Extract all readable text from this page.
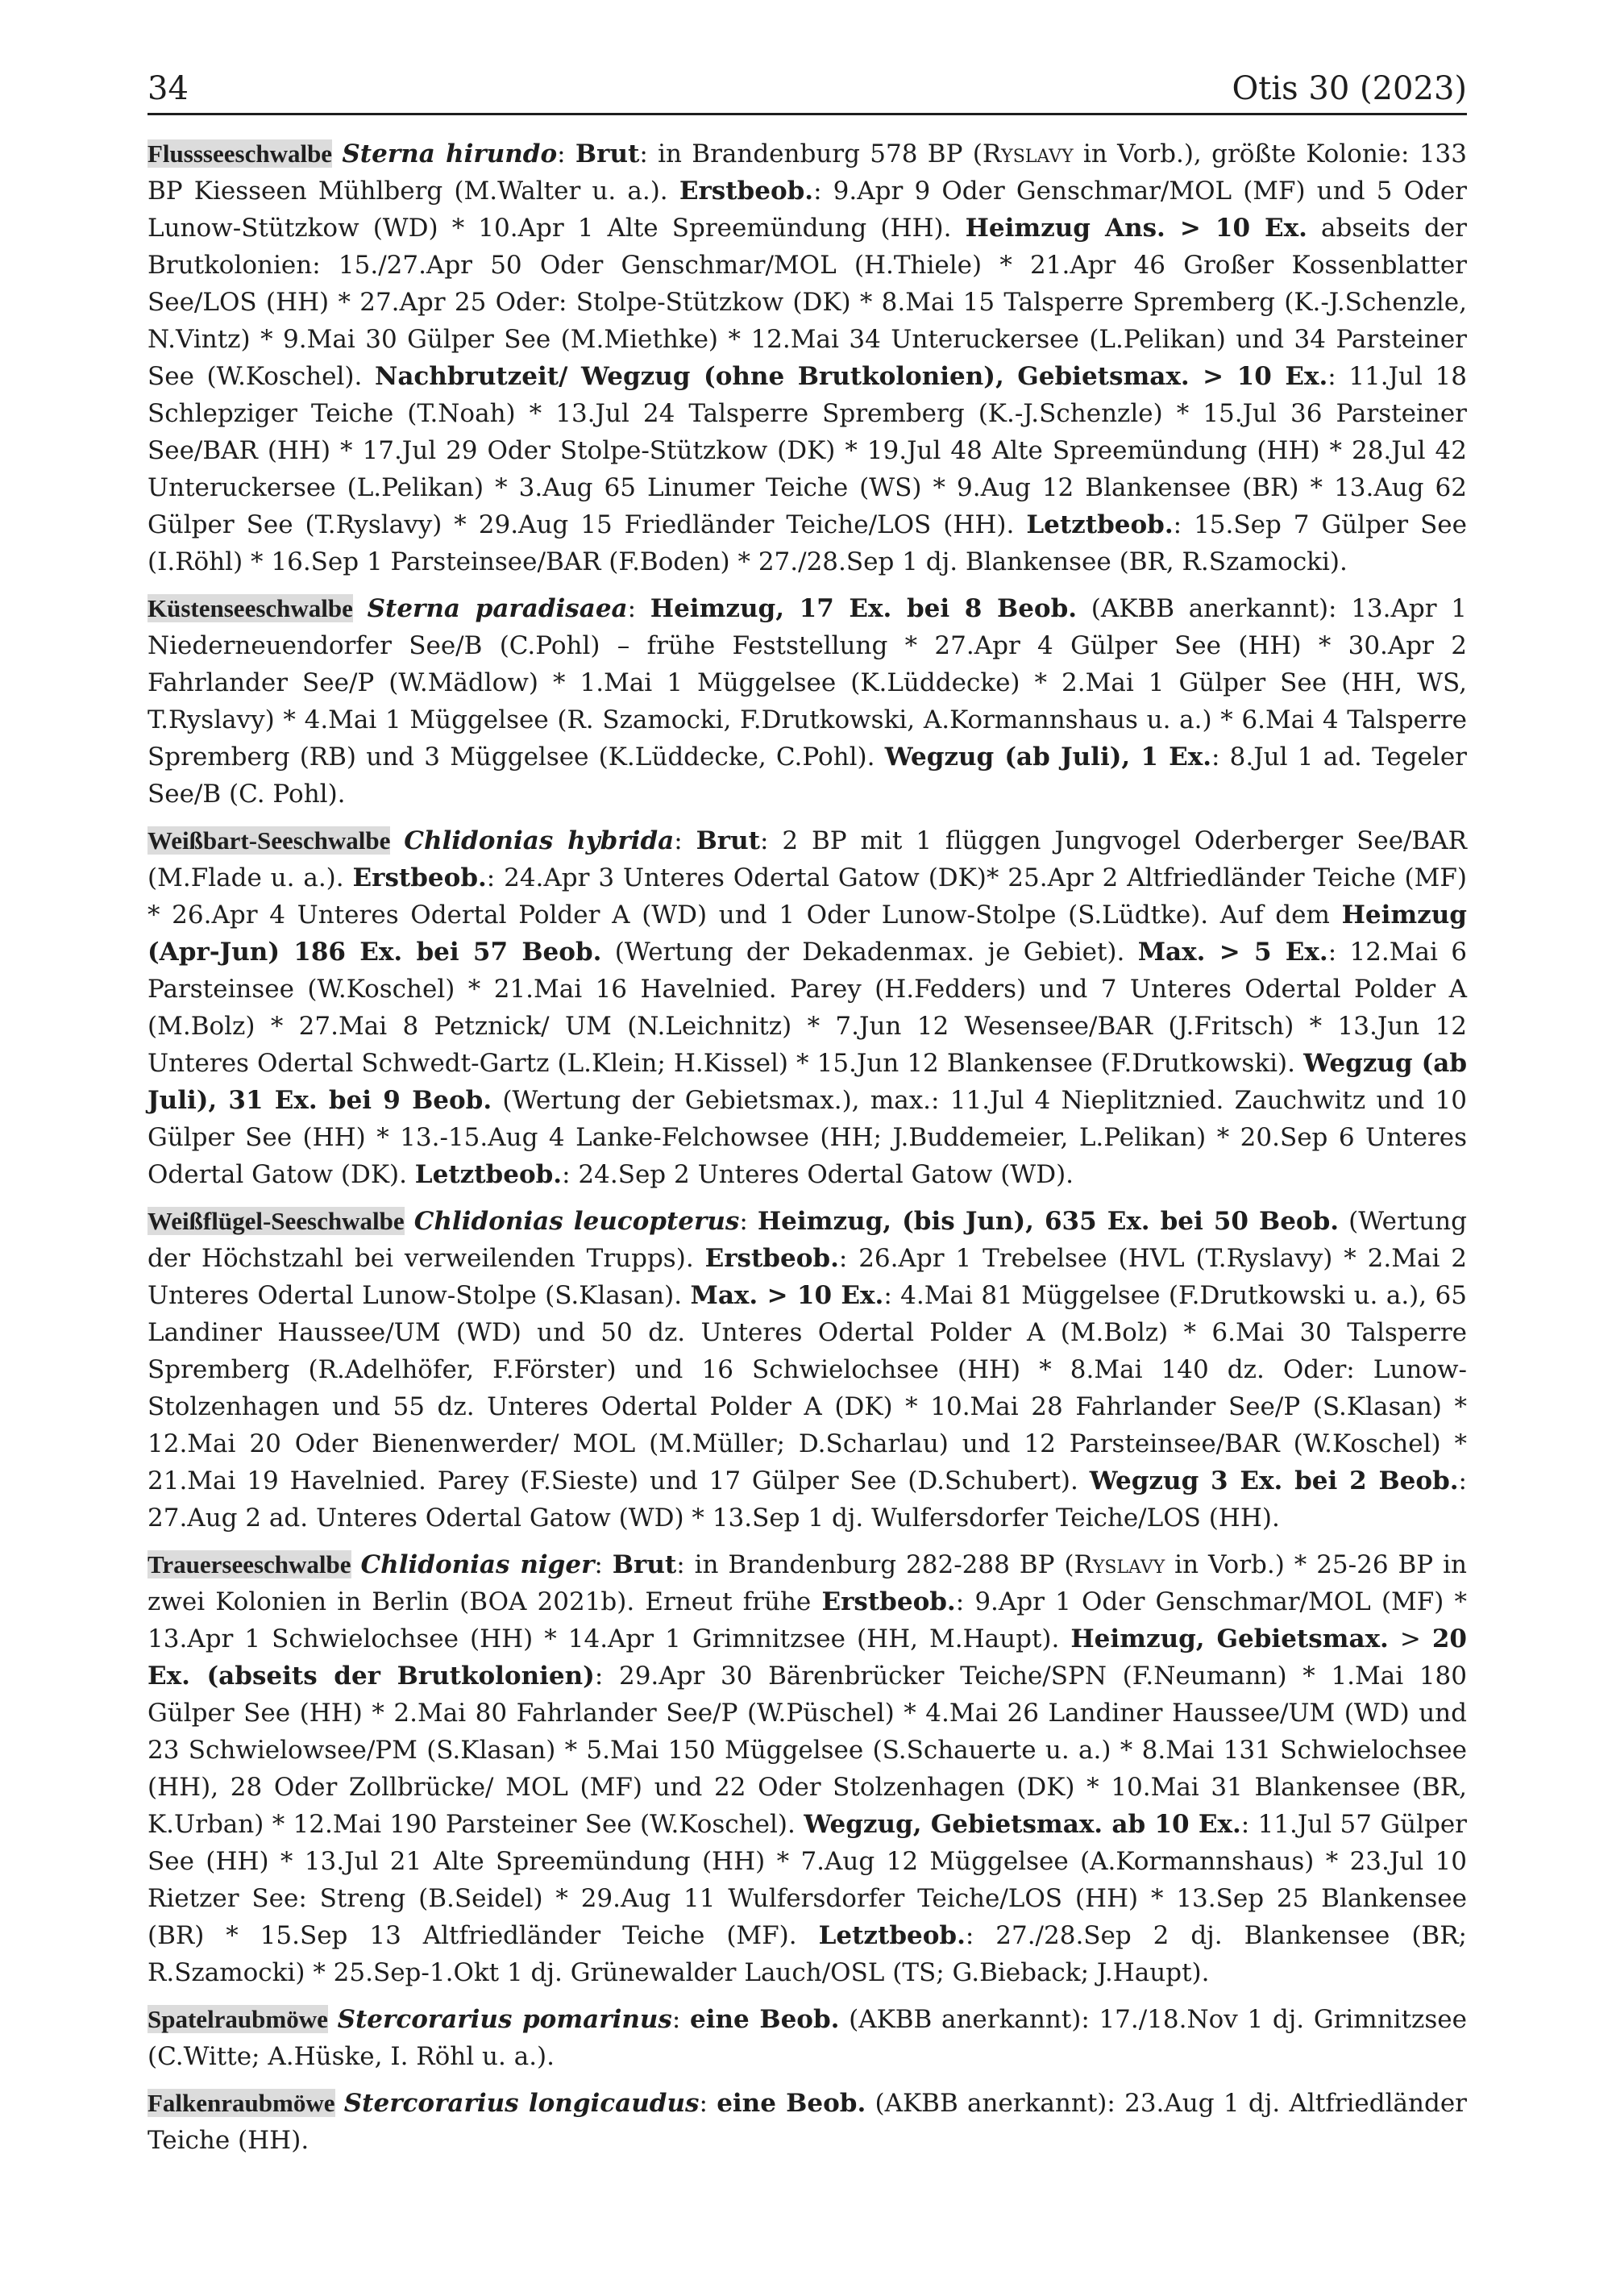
34	Otis 30 (2023)

Flussseeschwalbe Sterna hirundo: Brut: in Brandenburg 578 BP (Ryslavy in Vorb.), größte Kolonie: 133 BP Kiesseen Mühlberg (M.Walter u. a.). Erstbeob.: 9.Apr 9 Oder Genschmar/MOL (MF) und 5 Oder Lunow-Stützkow (WD) * 10.Apr 1 Alte Spreemündung (HH). Heimzug Ans. > 10 Ex. abseits der Brutkolonien: 15./27.Apr 50 Oder Genschmar/MOL (H.Thiele) * 21.Apr 46 Großer Kossenblatter See/LOS (HH) * 27.Apr 25 Oder: Stolpe-Stützkow (DK) * 8.Mai 15 Talsperre Spremberg (K.-J.Schenzle, N.Vintz) * 9.Mai 30 Gülper See (M.Miethke) * 12.Mai 34 Unteruckersee (L.Pelikan) und 34 Parsteiner See (W.Koschel). Nachbrutzeit/ Wegzug (ohne Brutkolonien), Gebietsmax. > 10 Ex.: 11.Jul 18 Schlepziger Teiche (T.Noah) * 13.Jul 24 Talsperre Spremberg (K.-J.Schenzle) * 15.Jul 36 Parsteiner See/BAR (HH) * 17.Jul 29 Oder Stolpe-Stützkow (DK) * 19.Jul 48 Alte Spreemündung (HH) * 28.Jul 42 Unteruckersee (L.Pelikan) * 3.Aug 65 Linumer Teiche (WS) * 9.Aug 12 Blankensee (BR) * 13.Aug 62 Gülper See (T.Ryslavy) * 29.Aug 15 Friedländer Teiche/LOS (HH). Letztbeob.: 15.Sep 7 Gülper See (I.Röhl) * 16.Sep 1 Parsteinsee/BAR (F.Boden) * 27./28.Sep 1 dj. Blankensee (BR, R.Szamocki).

Küstenseeschwalbe Sterna paradisaea: Heimzug, 17 Ex. bei 8 Beob. (AKBB anerkannt): 13.Apr 1 Niederneuendorfer See/B (C.Pohl) – frühe Feststellung * 27.Apr 4 Gülper See (HH) * 30.Apr 2 Fahrlander See/P (W.Mädlow) * 1.Mai 1 Müggelsee (K.Lüddecke) * 2.Mai 1 Gülper See (HH, WS, T.Ryslavy) * 4.Mai 1 Müggelsee (R. Szamocki, F.Drutkowski, A.Kormannshaus u. a.) * 6.Mai 4 Talsperre Spremberg (RB) und 3 Müggelsee (K.Lüddecke, C.Pohl). Wegzug (ab Juli), 1 Ex.: 8.Jul 1 ad. Tegeler See/B (C. Pohl).

Weißbart-Seeschwalbe Chlidonias hybrida: Brut: 2 BP mit 1 flüggen Jungvogel Oderberger See/BAR (M.Flade u. a.). Erstbeob.: 24.Apr 3 Unteres Odertal Gatow (DK)* 25.Apr 2 Altfriedländer Teiche (MF) * 26.Apr 4 Unteres Odertal Polder A (WD) und 1 Oder Lunow-Stolpe (S.Lüdtke). Auf dem Heimzug (Apr-Jun) 186 Ex. bei 57 Beob. (Wertung der Dekadenmax. je Gebiet). Max. > 5 Ex.: 12.Mai 6 Parsteinsee (W.Koschel) * 21.Mai 16 Havelnied. Parey (H.Fedders) und 7 Unteres Odertal Polder A (M.Bolz) * 27.Mai 8 Petznick/ UM (N.Leichnitz) * 7.Jun 12 Wesensee/BAR (J.Fritsch) * 13.Jun 12 Unteres Odertal Schwedt-Gartz (L.Klein; H.Kissel) * 15.Jun 12 Blankensee (F.Drutkowski). Wegzug (ab Juli), 31 Ex. bei 9 Beob. (Wertung der Gebietsmax.), max.: 11.Jul 4 Nieplitznied. Zauchwitz und 10 Gülper See (HH) * 13.-15.Aug 4 Lanke-Felchowsee (HH; J.Buddemeier, L.Pelikan) * 20.Sep 6 Unteres Odertal Gatow (DK). Letztbeob.: 24.Sep 2 Unteres Odertal Gatow (WD).

Weißflügel-Seeschwalbe Chlidonias leucopterus: Heimzug, (bis Jun), 635 Ex. bei 50 Beob. (Wertung der Höchstzahl bei verweilenden Trupps). Erstbeob.: 26.Apr 1 Trebelsee (HVL (T.Ryslavy) * 2.Mai 2 Unteres Odertal Lunow-Stolpe (S.Klasan). Max. > 10 Ex.: 4.Mai 81 Müggelsee (F.Drutkowski u. a.), 65 Landiner Haussee/UM (WD) und 50 dz. Unteres Odertal Polder A (M.Bolz) * 6.Mai 30 Talsperre Spremberg (R.Adelhöfer, F.Förster) und 16 Schwielochsee (HH) * 8.Mai 140 dz. Oder: Lunow-Stolzenhagen und 55 dz. Unteres Odertal Polder A (DK) * 10.Mai 28 Fahrlander See/P (S.Klasan) * 12.Mai 20 Oder Bienenwerder/ MOL (M.Müller; D.Scharlau) und 12 Parsteinsee/BAR (W.Koschel) * 21.Mai 19 Havelnied. Parey (F.Sieste) und 17 Gülper See (D.Schubert). Wegzug 3 Ex. bei 2 Beob.: 27.Aug 2 ad. Unteres Odertal Gatow (WD) * 13.Sep 1 dj. Wulfersdorfer Teiche/LOS (HH).

Trauerseeschwalbe Chlidonias niger: Brut: in Brandenburg 282-288 BP (Ryslavy in Vorb.) * 25-26 BP in zwei Kolonien in Berlin (BOA 2021b). Erneut frühe Erstbeob.: 9.Apr 1 Oder Genschmar/MOL (MF) * 13.Apr 1 Schwielochsee (HH) * 14.Apr 1 Grimnitzsee (HH, M.Haupt). Heimzug, Gebietsmax. > 20 Ex. (abseits der Brutkolonien): 29.Apr 30 Bärenbrücker Teiche/SPN (F.Neumann) * 1.Mai 180 Gülper See (HH) * 2.Mai 80 Fahrlander See/P (W.Püschel) * 4.Mai 26 Landiner Haussee/UM (WD) und 23 Schwielowsee/PM (S.Klasan) * 5.Mai 150 Müggelsee (S.Schauerte u. a.) * 8.Mai 131 Schwielochsee (HH), 28 Oder Zollbrücke/ MOL (MF) und 22 Oder Stolzenhagen (DK) * 10.Mai 31 Blankensee (BR, K.Urban) * 12.Mai 190 Parsteiner See (W.Koschel). Wegzug, Gebietsmax. ab 10 Ex.: 11.Jul 57 Gülper See (HH) * 13.Jul 21 Alte Spreemündung (HH) * 7.Aug 12 Müggelsee (A.Kormannshaus) * 23.Jul 10 Rietzer See: Streng (B.Seidel) * 29.Aug 11 Wulfersdorfer Teiche/LOS (HH) * 13.Sep 25 Blankensee (BR) * 15.Sep 13 Altfriedländer Teiche (MF). Letztbeob.: 27./28.Sep 2 dj. Blankensee (BR; R.Szamocki) * 25.Sep-1.Okt 1 dj. Grünewalder Lauch/OSL (TS; G.Bieback; J.Haupt).

Spatelraubmöwe Stercorarius pomarinus: eine Beob. (AKBB anerkannt): 17./18.Nov 1 dj. Grimnitzsee (C.Witte; A.Hüske, I. Röhl u. a.).

Falkenraubmöwe Stercorarius longicaudus: eine Beob. (AKBB anerkannt): 23.Aug 1 dj. Altfriedländer Teiche (HH).
